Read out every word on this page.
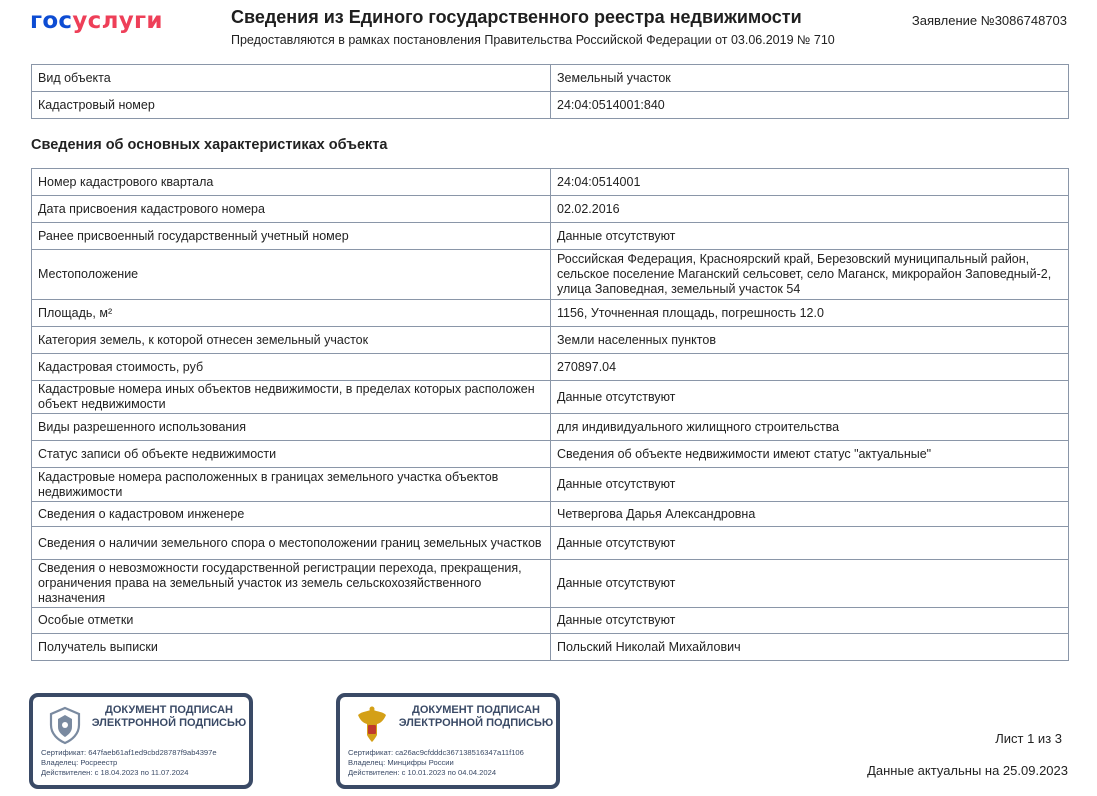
госуслуги	Сведения из Единого государственного реестра недвижимости
Предоставляются в рамках постановления Правительства Российской Федерации от 03.06.2019 № 710
Заявление №3086748703
Вид объекта	Земельный участок
Кадастровый номер	24:04:0514001:840
Сведения об основных характеристиках объекта
Номер кадастрового квартала	24:04:0514001
Дата присвоения кадастрового номера	02.02.2016
Ранее присвоенный государственный учетный номер	Данные отсутствуют
Местоположение	Российская Федерация, Красноярский край, Березовский муниципальный район, сельское поселение Маганский сельсовет, село Маганск, микрорайон Заповедный-2, улица Заповедная, земельный участок 54
Площадь, м²	1156, Уточненная площадь, погрешность 12.0
Категория земель, к которой отнесен земельный участок	Земли населенных пунктов
Кадастровая стоимость, руб	270897.04
Кадастровые номера иных объектов недвижимости, в пределах которых расположен объект недвижимости	Данные отсутствуют
Виды разрешенного использования	для индивидуального жилищного строительства
Статус записи об объекте недвижимости	Сведения об объекте недвижимости имеют статус "актуальные"
Кадастровые номера расположенных в границах земельного участка объектов недвижимости	Данные отсутствуют
Сведения о кадастровом инженере	Четвергова Дарья Александровна
Сведения о наличии земельного спора о местоположении границ земельных участков	Данные отсутствуют
Сведения о невозможности государственной регистрации перехода, прекращения, ограничения права на земельный участок из земель сельскохозяйственного назначения	Данные отсутствуют
Особые отметки	Данные отсутствуют
Получатель выписки	Польский Николай Михайлович
ДОКУМЕНТ ПОДПИСАН ЭЛЕКТРОННОЙ ПОДПИСЬЮ
Сертификат: 647faeb61af1ed9cbd28787f9ab4397e
Владелец: Росреестр
Действителен: с 18.04.2023 по 11.07.2024
ДОКУМЕНТ ПОДПИСАН ЭЛЕКТРОННОЙ ПОДПИСЬЮ
Сертификат: ca26ac9cfdddc367138516347a11f106
Владелец: Минцифры России
Действителен: с 10.01.2023 по 04.04.2024
Лист 1 из 3
Данные актуальны на 25.09.2023
